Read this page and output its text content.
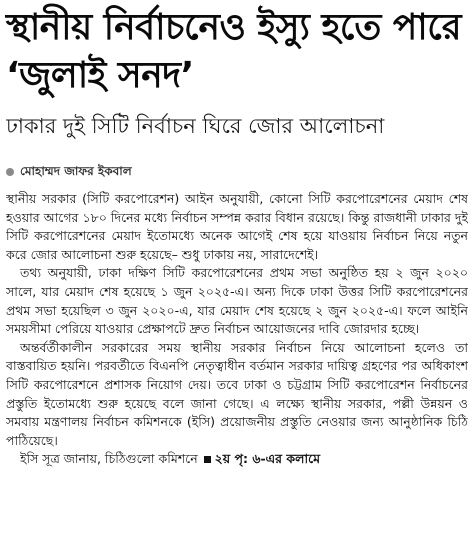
স্থানীয় নির্বাচনেও ইস্যু হতে পারে ‘জুলাই সনদ’
ঢাকার দুই সিটি নির্বাচন ঘিরে জোর আলোচনা
মোহাম্মদ জাফর ইকবাল

স্থানীয় সরকার (সিটি করপোরেশন) আইন অনুযায়ী, কোনো সিটি করপোরেশনের মেয়াদ শেষ হওয়ার আগের ১৮০ দিনের মধ্যে নির্বাচন সম্পন্ন করার বিধান রয়েছে। কিন্তু রাজধানী ঢাকার দুই সিটি করপোরেশনের মেয়াদ ইতোমধ্যে অনেক আগেই শেষ হয়ে যাওয়ায় নির্বাচন নিয়ে নতুন করে জোর আলোচনা শুরু হয়েছে– শুধু ঢাকায় নয়, সারাদেশেই।

তথ্য অনুযায়ী, ঢাকা দক্ষিণ সিটি করপোরেশনের প্রথম সভা অনুষ্ঠিত হয় ২ জুন ২০২০ সালে, যার মেয়াদ শেষ হয়েছে ১ জুন ২০২৫-এ। অন্য দিকে ঢাকা উত্তর সিটি করপোরেশনের প্রথম সভা হয়েছিল ৩ জুন ২০২০-এ, যার মেয়াদ শেষ হয়েছে ২ জুন ২০২৫-এ। ফলে আইনি সময়সীমা পেরিয়ে যাওয়ার প্রেক্ষাপটে দ্রুত নির্বাচন আয়োজনের দাবি জোরদার হচ্ছে।

অন্তর্বর্তীকালীন সরকারের সময় স্থানীয় সরকার নির্বাচন নিয়ে আলোচনা হলেও তা বাস্তবায়িত হয়নি। পরবর্তীতে বিএনপি নেতৃত্বাধীন বর্তমান সরকার দায়িত্ব গ্রহণের পর অধিকাংশ সিটি করপোরেশনে প্রশাসক নিয়োগ দেয়। তবে ঢাকা ও চট্টগ্রাম সিটি করপোরেশন নির্বাচনের প্রস্তুতি ইতোমধ্যে শুরু হয়েছে বলে জানা গেছে। এ লক্ষ্যে স্থানীয় সরকার, পল্লী উন্নয়ন ও সমবায় মন্ত্রণালয় নির্বাচন কমিশনকে (ইসি) প্রয়োজনীয় প্রস্তুতি নেওয়ার জন্য আনুষ্ঠানিক চিঠি পাঠিয়েছে।

ইসি সূত্র জানায়, চিঠিগুলো কমিশনে ২য় পৃ: ৬-এর কলামে
